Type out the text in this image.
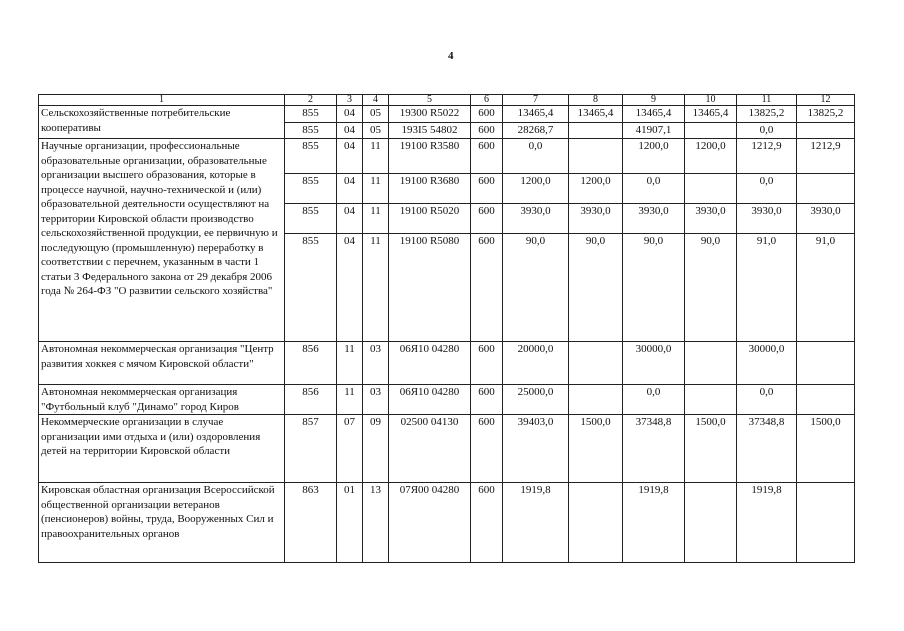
4
1	2	3	4	5	6	7	8	9	10	11	12
Сельскохозяйственные потребительские кооперативы	855	04	05	19300 R5022	600	13465,4	13465,4	13465,4	13465,4	13825,2	13825,2
	855	04	05	193I5 54802	600	28268,7		41907,1		0,0	
Научные организации, профессиональные образовательные организации, образовательные организации высшего образования, которые в процессе научной, научно-технической и (или) образовательной деятельности осуществляют на территории Кировской области производство сельскохозяйственной продукции, ее первичную и последующую (промышленную) переработку в соответствии с перечнем, указанным в части 1 статьи 3 Федерального закона от 29 декабря 2006 года № 264-ФЗ "О развитии сельского хозяйства"	855	04	11	19100 R3580	600	0,0		1200,0	1200,0	1212,9	1212,9
	855	04	11	19100 R3680	600	1200,0	1200,0	0,0		0,0	
	855	04	11	19100 R5020	600	3930,0	3930,0	3930,0	3930,0	3930,0	3930,0
	855	04	11	19100 R5080	600	90,0	90,0	90,0	90,0	91,0	91,0
Автономная некоммерческая организация "Центр развития хоккея с мячом Кировской области"	856	11	03	06Я10 04280	600	20000,0		30000,0		30000,0	
Автономная некоммерческая организация "Футбольный клуб "Динамо" город Киров	856	11	03	06Я10 04280	600	25000,0		0,0		0,0	
Некоммерческие организации в случае организации ими отдыха и (или) оздоровления детей на территории Кировской области	857	07	09	02500 04130	600	39403,0	1500,0	37348,8	1500,0	37348,8	1500,0
Кировская областная организация Всероссийской общественной организации ветеранов (пенсионеров) войны, труда, Вооруженных Сил и правоохранительных органов	863	01	13	07Я00 04280	600	1919,8		1919,8		1919,8	
